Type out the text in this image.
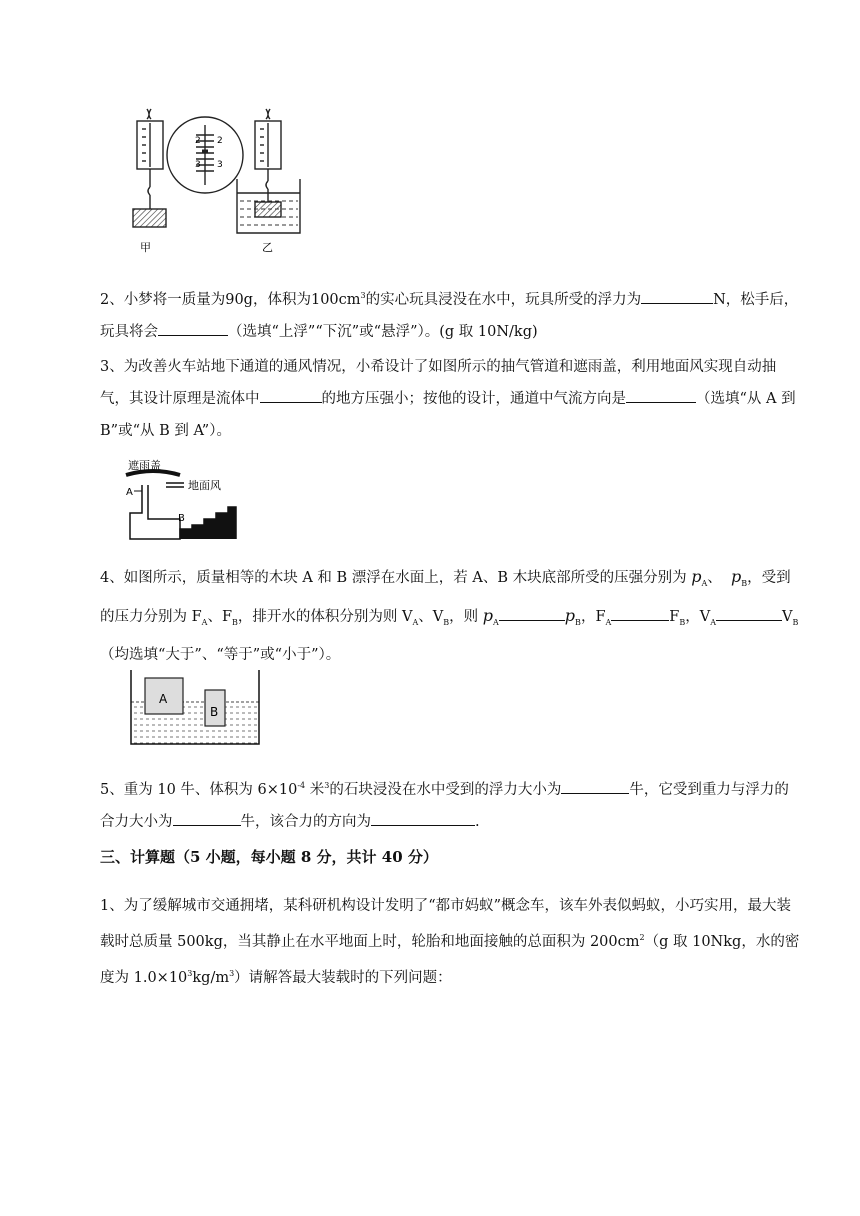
2
3
2
3
甲	乙

2、小梦将一质量为90g，体积为$100cm^3$的实心玩具浸没在水中，玩具所受的浮力为	N，松手后，玩具将会	（选填“上浮”“下沉”或“悬浮”）。(g 取 10N/kg)

3、为改善火车站地下通道的通风情况，小希设计了如图所示的抽气管道和遮雨盖，利用地面风实现自动抽气，其设计原理是流体中	的地方压强小；按他的设计，通道中气流方向是	（选填“从 A 到 B”或“从 B 到 A”）。

遮雨盖
A
地面风
B

4、如图所示，质量相等的木块 A 和 B 漂浮在水面上，若 A、B 木块底部所受的压强分别为 $p_A$、  $p_B$，受到的压力分别为 $F_A$、$F_B$，排开水的体积分别为则 $V_A$、$V_B$，则 $p_A$	$p_B$，$F_A$	$F_B$，$V_A$	$V_B$（均选填“大于”、“等于”或“小于”）。

A
B

5、重为 10 牛、体积为 $6\times 10^{-4}$ 米$^3$的石块浸没在水中受到的浮力大小为	牛，它受到重力与浮力的合力大小为	牛，该合力的方向为	.

三、计算题（5 小题，每小题 8 分，共计 40 分）

1、为了缓解城市交通拥堵，某科研机构设计发明了“都市妈蚁”概念车，该车外表似蚂蚁，小巧实用，最大装载时总质量 500kg，当其静止在水平地面上时，轮胎和地面接触的总面积为 $200cm^2(g$ 取 10Nkg，水的密度为 $1.0\times 10^3kg/m^3$）请解答最大装载时的下列问题：
